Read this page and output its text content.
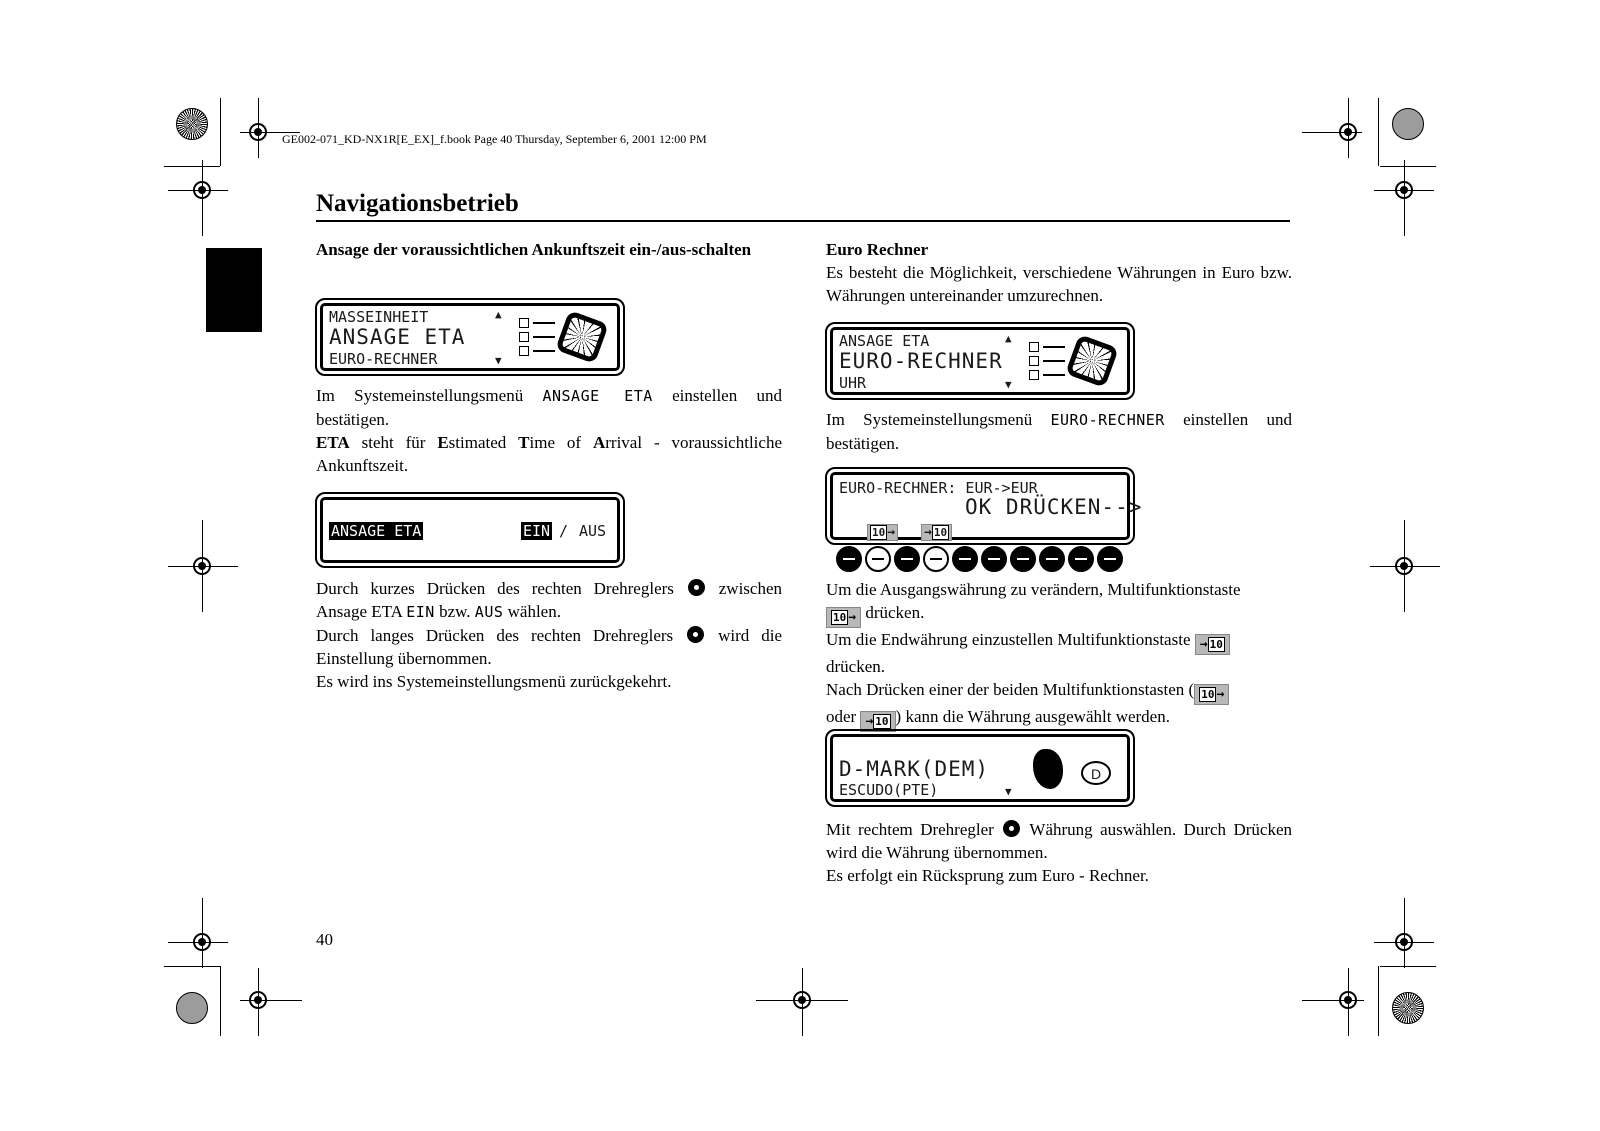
GE002-071_KD-NX1R[E_EX]_f.book Page 40 Thursday, September 6, 2001 12:00 PM
Navigationsbetrieb

Ansage der voraussichtlichen Ankunftszeit ein-/aus-schalten

MASSEINHEIT
ANSAGE ETA
EURO-RECHNER
▲
▼

Im Systemeinstellungsmenü ANSAGE ETA einstellen und bestätigen.

ETA steht für Estimated Time of Arrival - voraussichtliche Ankunftszeit.

ANSAGE ETA	EIN / AUS

Durch kurzes Drücken des rechten Drehreglers  zwischen Ansage ETA EIN bzw. AUS wählen.

Durch langes Drücken des rechten Drehreglers  wird die Einstellung übernommen.

Es wird ins Systemeinstellungsmenü zurückgekehrt.

Euro Rechner

Es besteht die Möglichkeit, verschiedene Währungen in Euro bzw. Währungen untereinander umzurechnen.

ANSAGE ETA
EURO-RECHNER
UHR
▲
▼

Im Systemeinstellungsmenü EURO-RECHNER einstellen und bestätigen.

EURO-RECHNER: EUR->EUR
OK DRÜCKEN-->
10 → → 10

Um die Ausgangswährung zu verändern, Multifunktionstaste

10 → drücken.

Um die Endwährung einzustellen Multifunktionstaste → 10

drücken.

Nach Drücken einer der beiden Multifunktionstasten ( 10 →

oder → 10 ) kann die Währung ausgewählt werden.

D-MARK(DEM)
ESCUDO(PTE)	▼
D

Mit rechtem Drehregler  Währung auswählen. Durch Drücken wird die Währung übernommen.

Es erfolgt ein Rücksprung zum Euro - Rechner.

40
